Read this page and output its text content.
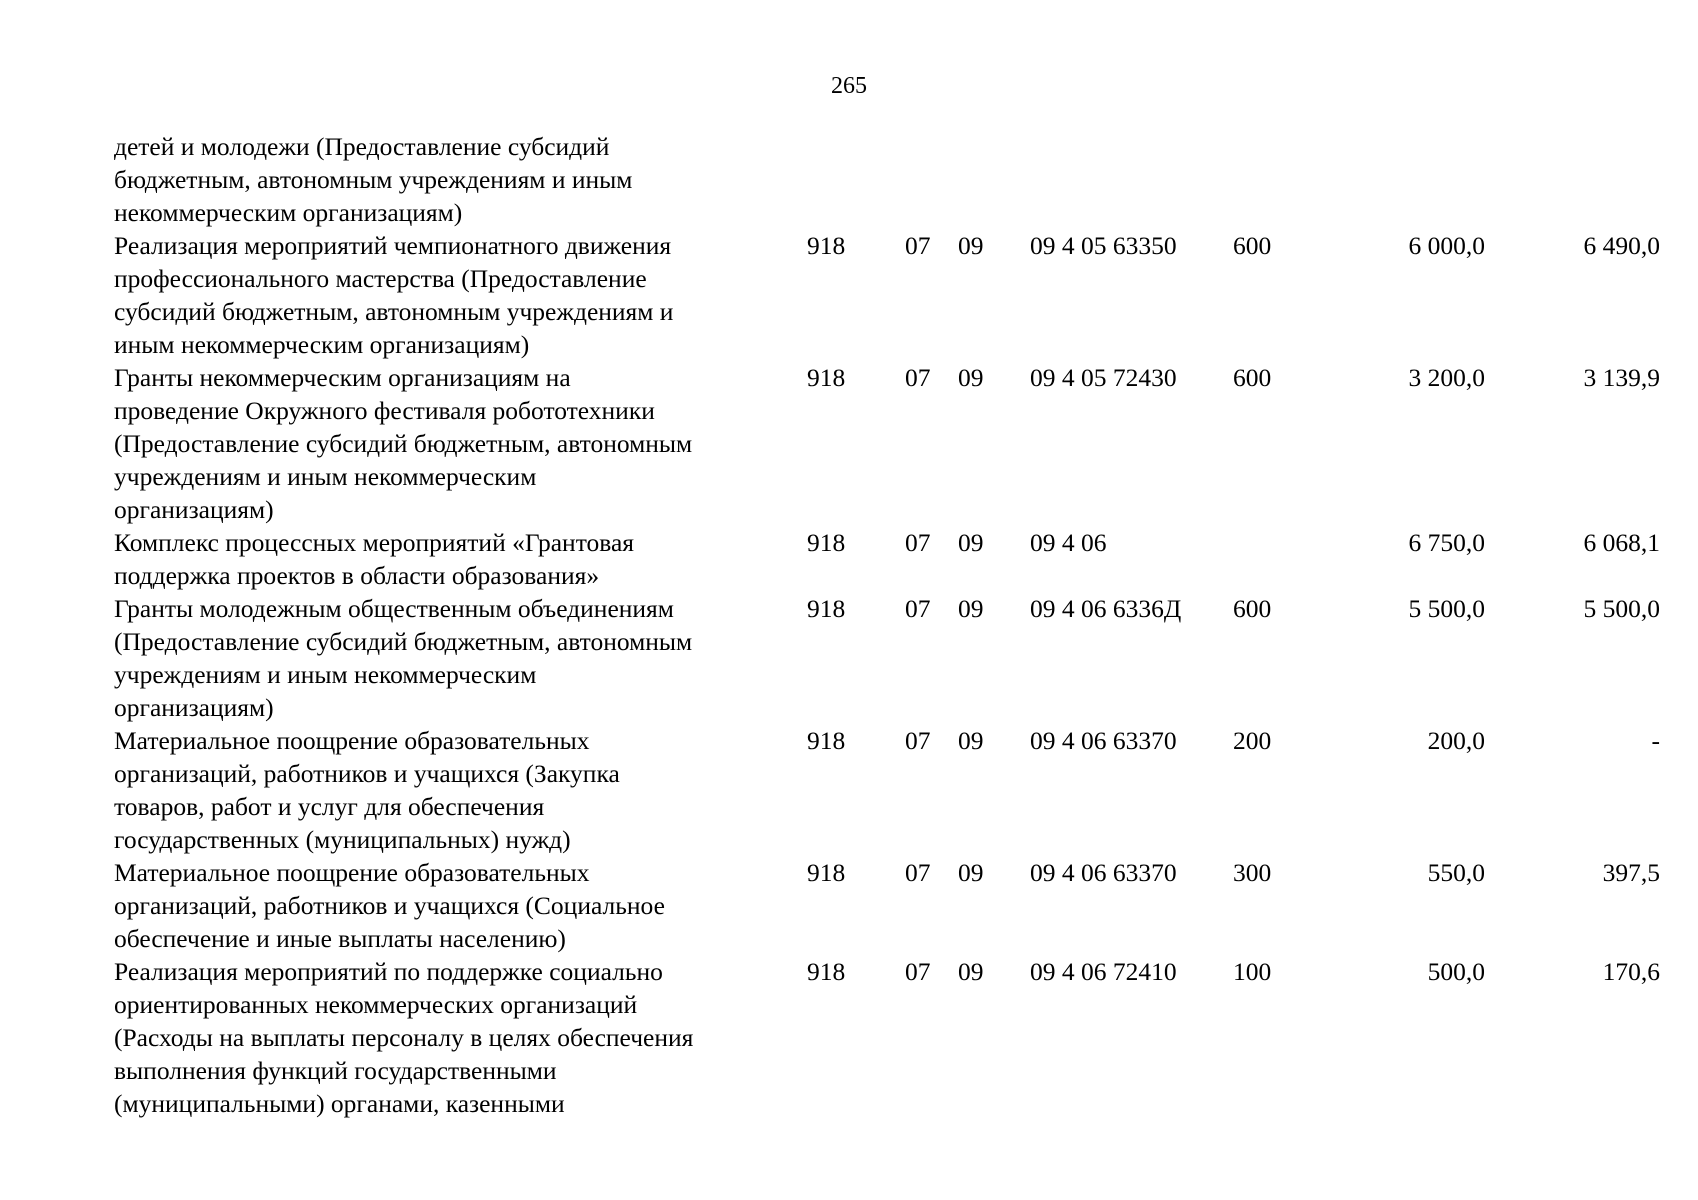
265
детей и молодежи (Предоставление субсидий
бюджетным, автономным учреждениям и иным
некоммерческим организациям)							

Реализация мероприятий чемпионатного движения
профессионального мастерства (Предоставление
субсидий бюджетным, автономным учреждениям и
иным некоммерческим организациям)	918	07	09	09 4 05 63350	600	6 000,0	6 490,0

Гранты некоммерческим организациям на
проведение Окружного фестиваля робототехники
(Предоставление субсидий бюджетным, автономным
учреждениям и иным некоммерческим
организациям)	918	07	09	09 4 05 72430	600	3 200,0	3 139,9

Комплекс процессных мероприятий «Грантовая
поддержка проектов в области образования»	918	07	09	09 4 06		6 750,0	6 068,1

Гранты молодежным общественным объединениям
(Предоставление субсидий бюджетным, автономным
учреждениям и иным некоммерческим
организациям)	918	07	09	09 4 06 6336Д	600	5 500,0	5 500,0

Материальное поощрение образовательных
организаций, работников и учащихся (Закупка
товаров, работ и услуг для обеспечения
государственных (муниципальных) нужд)	918	07	09	09 4 06 63370	200	200,0	-

Материальное поощрение образовательных
организаций, работников и учащихся (Социальное
обеспечение и иные выплаты населению)	918	07	09	09 4 06 63370	300	550,0	397,5

Реализация мероприятий по поддержке социально
ориентированных некоммерческих организаций
(Расходы на выплаты персоналу в целях обеспечения
выполнения функций государственными
(муниципальными) органами, казенными	918	07	09	09 4 06 72410	100	500,0	170,6
